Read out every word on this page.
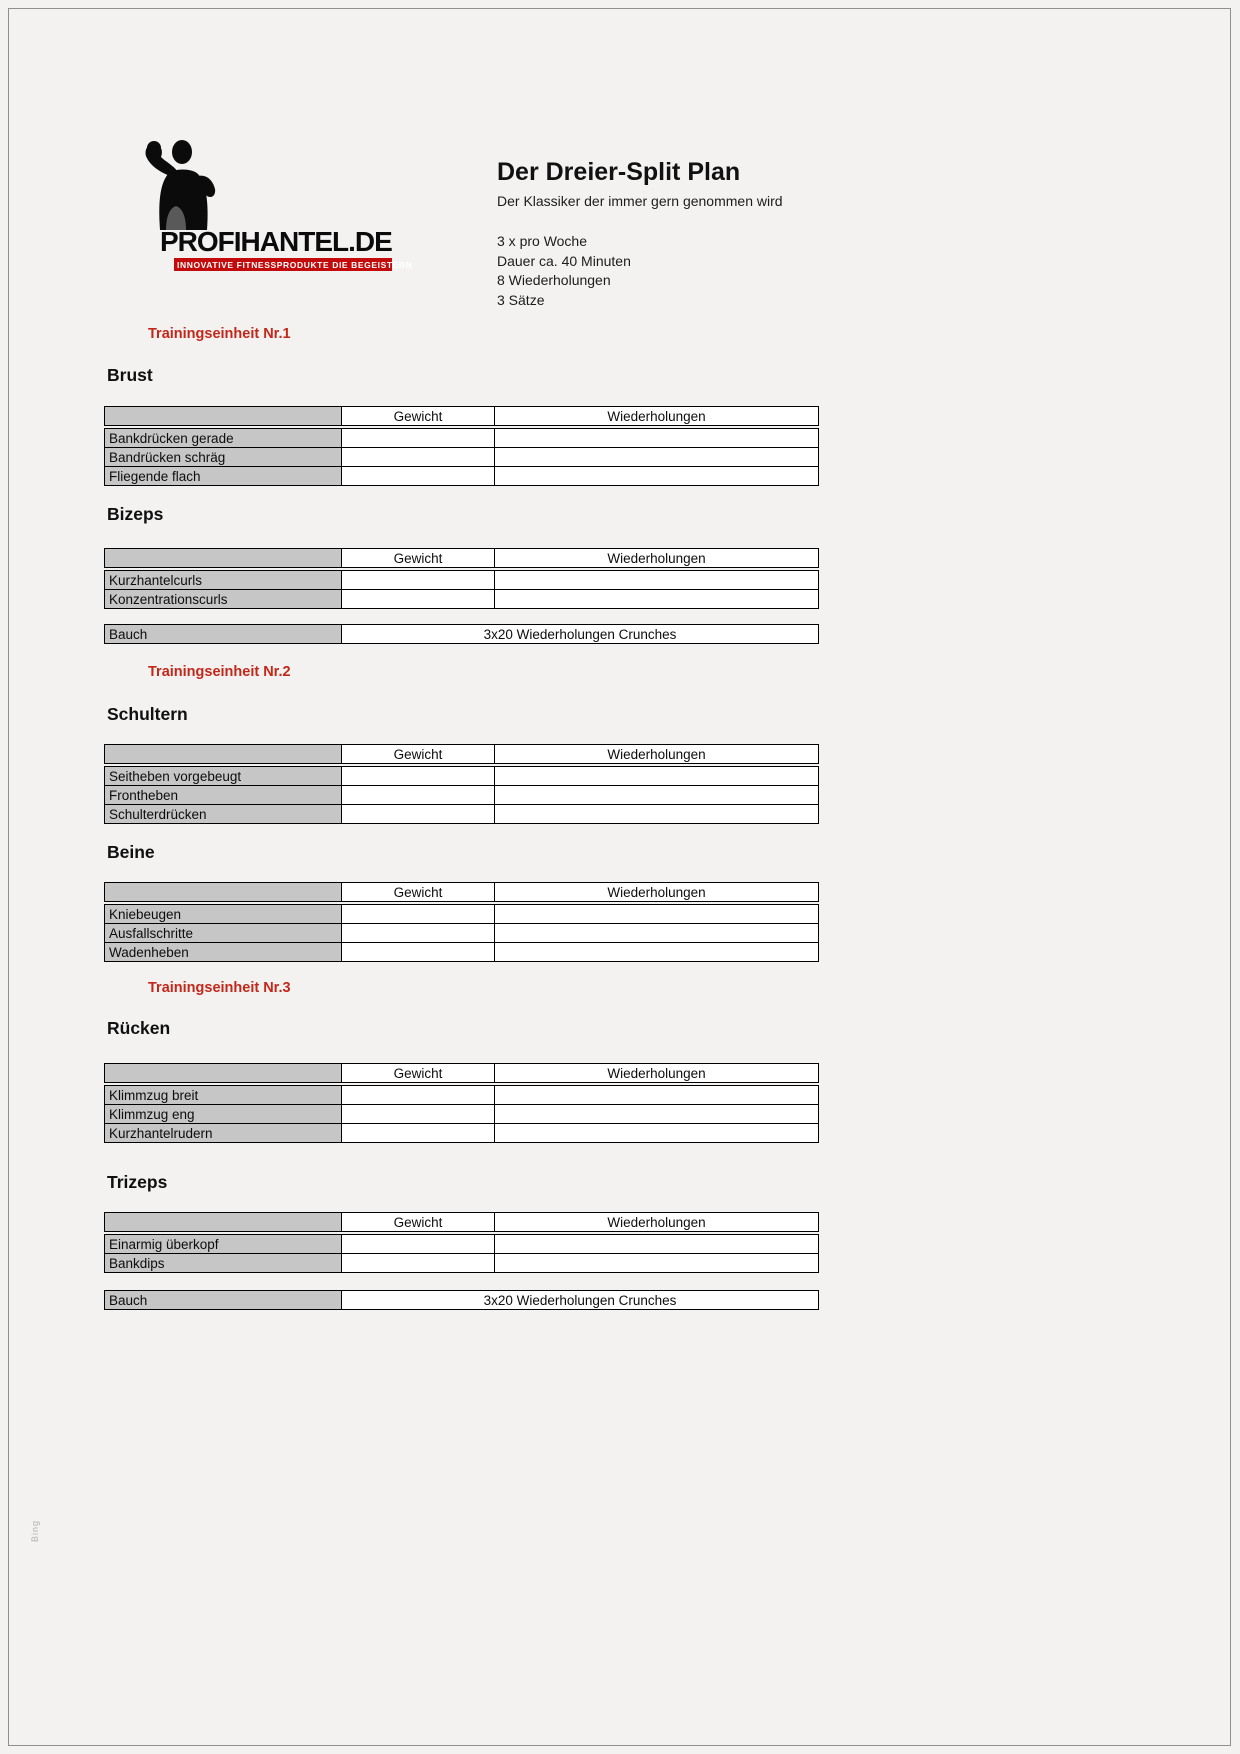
PROFIHANTEL.DE
INNOVATIVE FITNESSPRODUKTE DIE BEGEISTERN
Der Dreier-Split Plan
Der Klassiker der immer gern genommen wird
3 x pro Woche
Dauer ca. 40 Minuten
8 Wiederholungen
3 Sätze
Trainingseinheit Nr.1
Brust
	Gewicht	Wiederholungen
Bankdrücken gerade		
Bandrücken schräg		
Fliegende flach		
Bizeps
	Gewicht	Wiederholungen
Kurzhantelcurls		
Konzentrationscurls		
Bauch	3x20 Wiederholungen Crunches
Trainingseinheit Nr.2
Schultern
	Gewicht	Wiederholungen
Seitheben vorgebeugt		
Frontheben		
Schulterdrücken		
Beine
	Gewicht	Wiederholungen
Kniebeugen		
Ausfallschritte		
Wadenheben		
Trainingseinheit Nr.3
Rücken
	Gewicht	Wiederholungen
Klimmzug breit		
Klimmzug eng		
Kurzhantelrudern		
Trizeps
	Gewicht	Wiederholungen
Einarmig überkopf		
Bankdips		
Bauch	3x20 Wiederholungen Crunches
Bing
